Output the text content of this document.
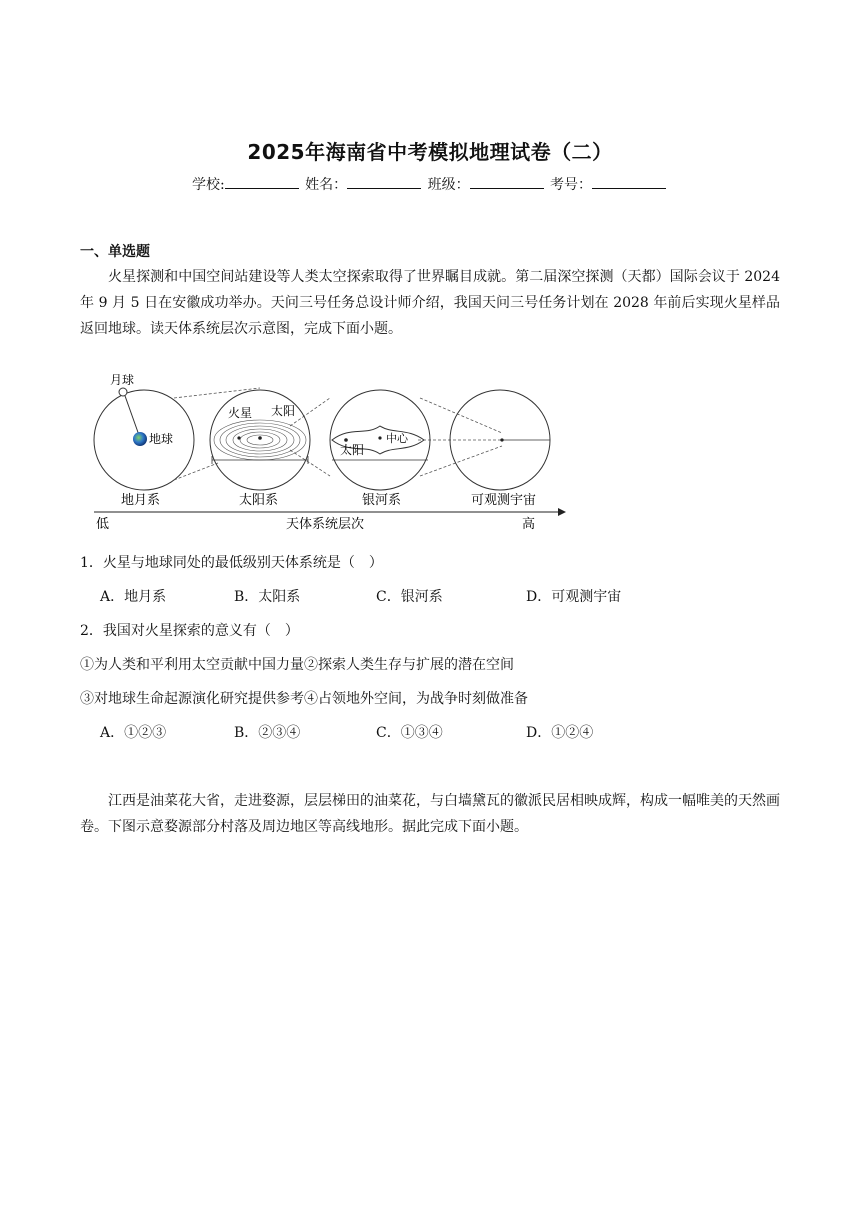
2025年海南省中考模拟地理试卷（二）
学校:	姓名：	班级：	考号：
一、单选题
火星探测和中国空间站建设等人类太空探索取得了世界瞩目成就。第二届深空探测（天都）国际会议于 2024 年 9 月 5 日在安徽成功举办。天问三号任务总设计师介绍，我国天问三号任务计划在 2028 年前后实现火星样品返回地球。读天体系统层次示意图，完成下面小题。
月球
地球
火星 太阳
中心
太阳
地月系	太阳系	银河系	可观测宇宙
低	天体系统层次	高
1．火星与地球同处的最低级别天体系统是（　）
A．地月系	B．太阳系	C．银河系	D．可观测宇宙
2．我国对火星探索的意义有（　）
①为人类和平利用太空贡献中国力量②探索人类生存与扩展的潜在空间
③对地球生命起源演化研究提供参考④占领地外空间，为战争时刻做准备
A．①②③	B．②③④	C．①③④	D．①②④
江西是油菜花大省，走进婺源，层层梯田的油菜花，与白墙黛瓦的徽派民居相映成辉，构成一幅唯美的天然画卷。下图示意婺源部分村落及周边地区等高线地形。据此完成下面小题。
